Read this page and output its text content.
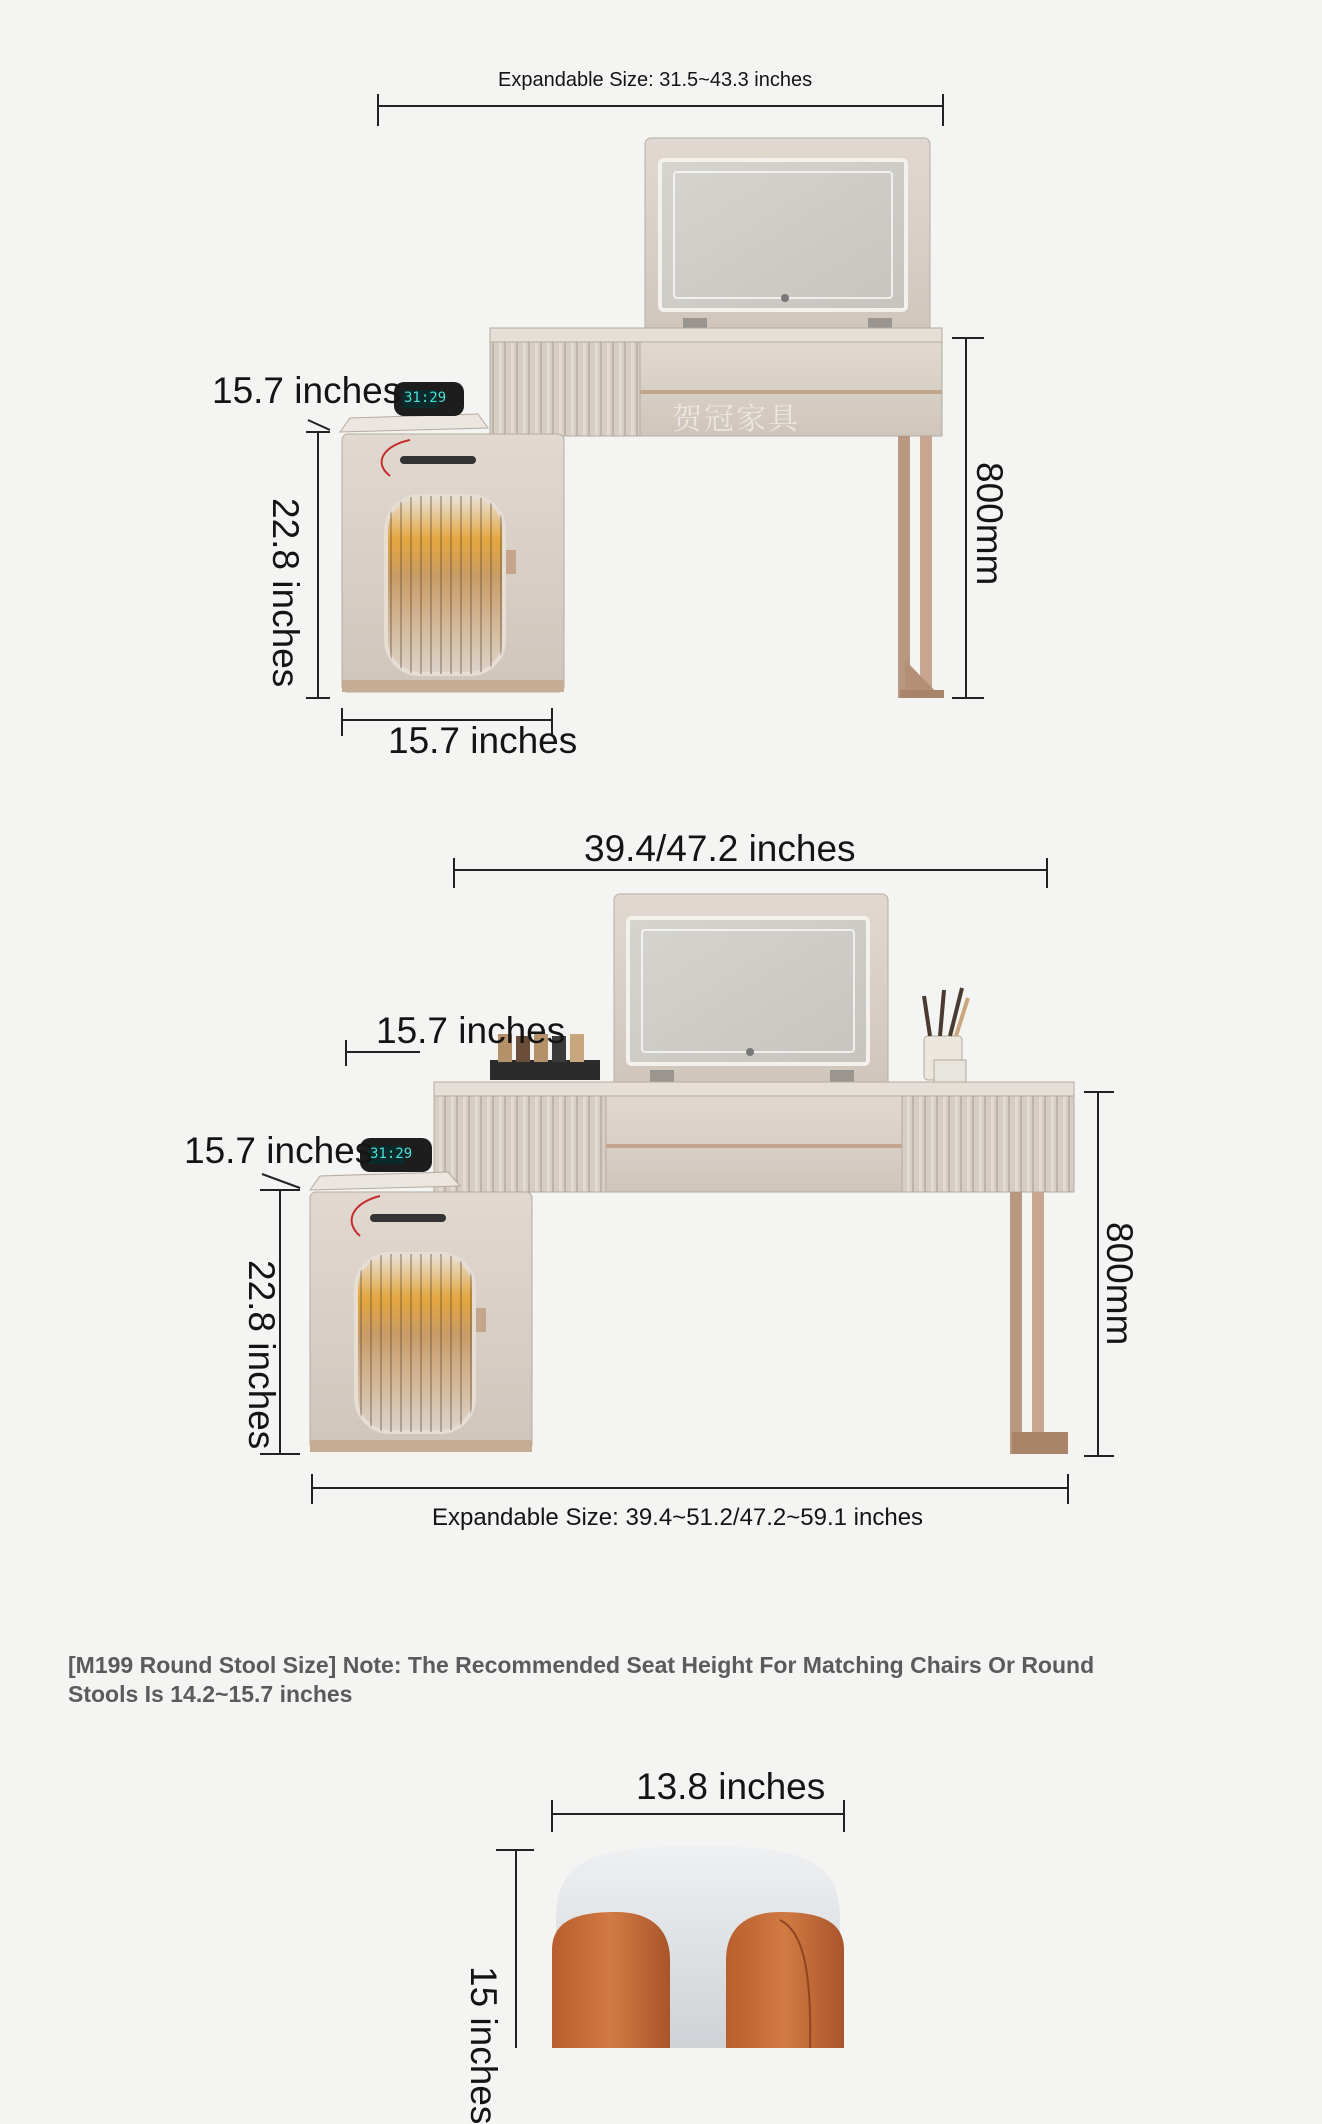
Expandable Size: 31.5~43.3 inches
15.7 inches
15.7 inches
22.8 inches	800mm
31:29
贺冠家具
39.4/47.2 inches
15.7 inches
15.7 inches
22.8 inches	800mm
Expandable Size: 39.4~51.2/47.2~59.1 inches
31:29
[M199 Round Stool Size] Note: The Recommended Seat Height For Matching Chairs Or Round Stools Is 14.2~15.7 inches
13.8 inches
15 inches
